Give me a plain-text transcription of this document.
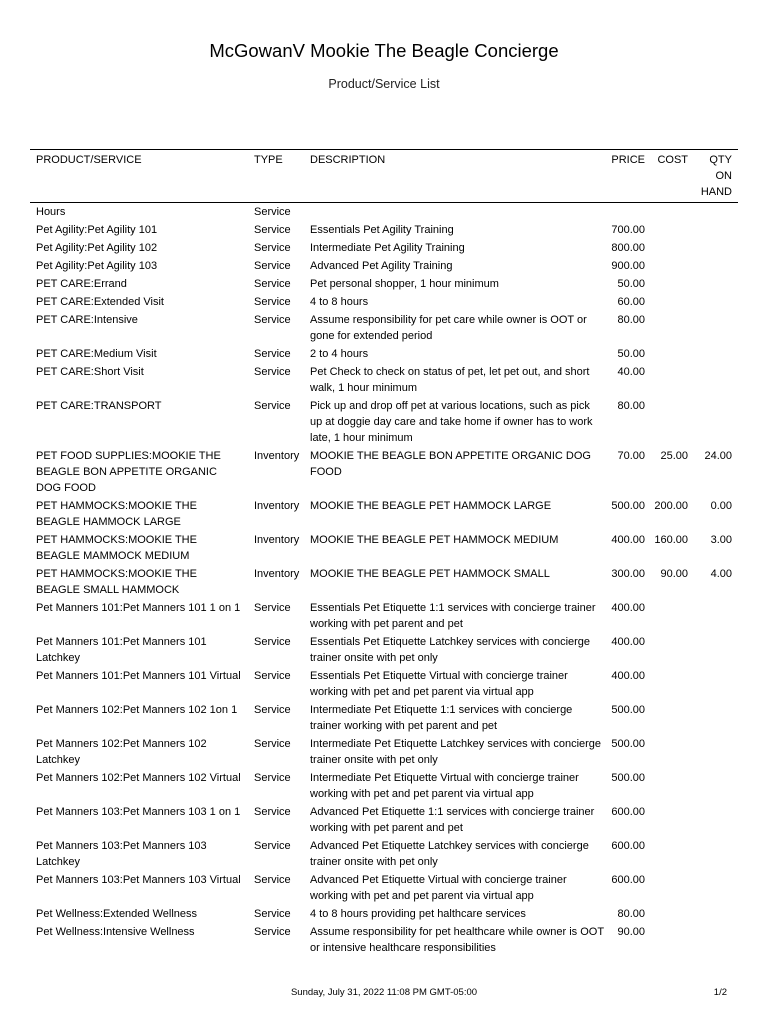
McGowanV Mookie The Beagle Concierge
Product/Service List
PRODUCT/SERVICE	TYPE	DESCRIPTION	PRICE	COST	QTY ON HAND
Hours	Service				
Pet Agility:Pet Agility 101	Service	Essentials Pet Agility Training	700.00		
Pet Agility:Pet Agility 102	Service	Intermediate Pet Agility Training	800.00		
Pet Agility:Pet Agility 103	Service	Advanced Pet Agility Training	900.00		
PET CARE:Errand	Service	Pet personal shopper, 1 hour minimum	50.00		
PET CARE:Extended Visit	Service	4 to 8 hours	60.00		
PET CARE:Intensive	Service	Assume responsibility for pet care while owner is OOT or gone for extended period	80.00		
PET CARE:Medium Visit	Service	2 to 4 hours	50.00		
PET CARE:Short Visit	Service	Pet Check to check on status of pet, let pet out, and short walk, 1 hour minimum	40.00		
PET CARE:TRANSPORT	Service	Pick up and drop off pet at various locations, such as pick up at doggie day care and take home if owner has to work late, 1 hour minimum	80.00		
PET FOOD SUPPLIES:MOOKIE THE BEAGLE BON APPETITE ORGANIC DOG FOOD	Inventory	MOOKIE THE BEAGLE BON APPETITE ORGANIC DOG FOOD	70.00	25.00	24.00
PET HAMMOCKS:MOOKIE THE BEAGLE HAMMOCK LARGE	Inventory	MOOKIE THE BEAGLE PET HAMMOCK LARGE	500.00	200.00	0.00
PET HAMMOCKS:MOOKIE THE BEAGLE MAMMOCK MEDIUM	Inventory	MOOKIE THE BEAGLE PET HAMMOCK MEDIUM	400.00	160.00	3.00
PET HAMMOCKS:MOOKIE THE BEAGLE SMALL HAMMOCK	Inventory	MOOKIE THE BEAGLE PET HAMMOCK SMALL	300.00	90.00	4.00
Pet Manners 101:Pet Manners 101 1 on 1	Service	Essentials Pet Etiquette 1:1 services with concierge trainer working with pet parent and pet	400.00		
Pet Manners 101:Pet Manners 101 Latchkey	Service	Essentials Pet Etiquette Latchkey services with concierge trainer onsite with pet only	400.00		
Pet Manners 101:Pet Manners 101 Virtual	Service	Essentials Pet Etiquette Virtual with concierge trainer working with pet and pet parent via virtual app	400.00		
Pet Manners 102:Pet Manners 102 1on 1	Service	Intermediate Pet Etiquette 1:1 services with concierge trainer working with pet parent and pet	500.00		
Pet Manners 102:Pet Manners 102 Latchkey	Service	Intermediate Pet Etiquette Latchkey services with concierge trainer onsite with pet only	500.00		
Pet Manners 102:Pet Manners 102 Virtual	Service	Intermediate Pet Etiquette Virtual with concierge trainer working with pet and pet parent via virtual app	500.00		
Pet Manners 103:Pet Manners 103 1 on 1	Service	Advanced Pet Etiquette 1:1 services with concierge trainer working with pet parent and pet	600.00		
Pet Manners 103:Pet Manners 103 Latchkey	Service	Advanced Pet Etiquette Latchkey services with concierge trainer onsite with pet only	600.00		
Pet Manners 103:Pet Manners 103 Virtual	Service	Advanced Pet Etiquette Virtual with concierge trainer working with pet and pet parent via virtual app	600.00		
Pet Wellness:Extended Wellness	Service	4 to 8 hours providing pet halthcare services	80.00		
Pet Wellness:Intensive Wellness	Service	Assume responsibility for pet healthcare while owner is OOT or intensive healthcare responsibilities	90.00		
Sunday, July 31, 2022 11:08 PM GMT-05:00	1/2
